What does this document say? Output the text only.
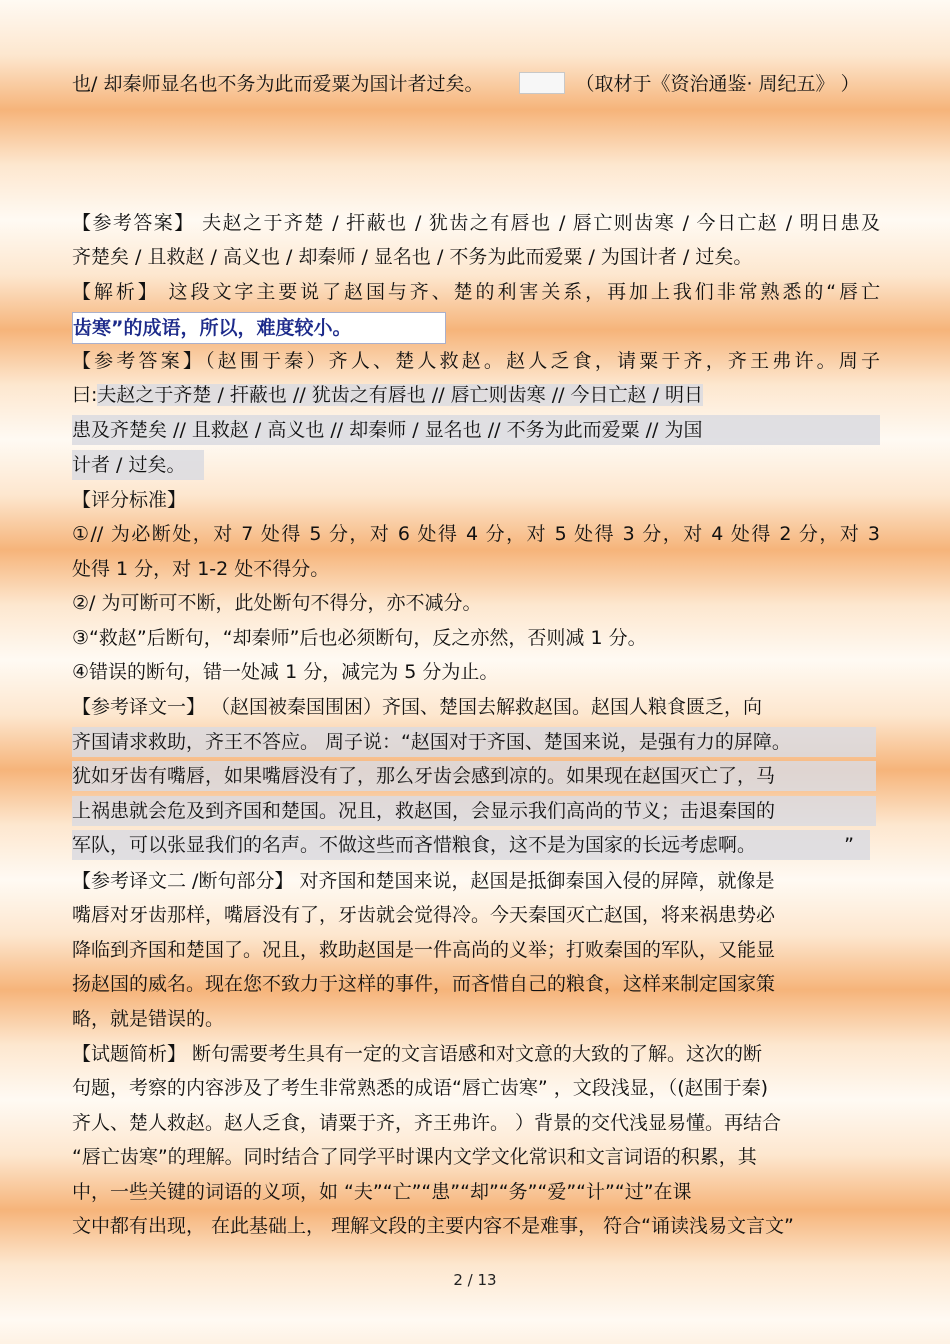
也/ 却秦师显名也不务为此而爱粟为国计者过矣。	（取材于《资治通鉴· 周纪五》 ）
【参考答案】 夫赵之于齐楚 / 扞蔽也 / 犹齿之有唇也 / 唇亡则齿寒 / 今日亡赵 / 明日患及
齐楚矣 / 且救赵 / 高义也 / 却秦师 / 显名也 / 不务为此而爱粟 / 为国计者 / 过矣。
【解析】 这段文字主要说了赵国与齐、楚的利害关系，再加上我们非常熟悉的“唇亡
齿寒”的成语，所以，难度较小。
【参考答案】（赵围于秦）齐人、楚人救赵。赵人乏食，请粟于齐，齐王弗许。周子
曰:夫赵之于齐楚 / 扞蔽也 // 犹齿之有唇也 // 唇亡则齿寒 // 今日亡赵 / 明日
患及齐楚矣 // 且救赵 / 高义也 // 却秦师 / 显名也 // 不务为此而爱粟 // 为国
计者 / 过矣。
【评分标准】
①// 为必断处，对 7 处得 5 分，对 6 处得 4 分，对 5 处得 3 分，对 4 处得 2 分，对 3
处得 1 分，对 1-2 处不得分。
②/ 为可断可不断，此处断句不得分，亦不减分。
③“救赵”后断句，“却秦师”后也必须断句，反之亦然，否则减 1 分。
④错误的断句，错一处减 1 分，减完为 5 分为止。
【参考译文一】 （赵国被秦国围困）齐国、楚国去解救赵国。赵国人粮食匮乏，向
齐国请求救助，齐王不答应。 周子说：“赵国对于齐国、楚国来说，是强有力的屏障。
犹如牙齿有嘴唇，如果嘴唇没有了，那么牙齿会感到凉的。如果现在赵国灭亡了，马
上祸患就会危及到齐国和楚国。况且，救赵国，会显示我们高尚的节义；击退秦国的
军队，可以张显我们的名声。不做这些而吝惜粮食，这不是为国家的长远考虑啊。	”
【参考译文二 /断句部分】 对齐国和楚国来说，赵国是抵御秦国入侵的屏障，就像是
嘴唇对牙齿那样，嘴唇没有了，牙齿就会觉得冷。今天秦国灭亡赵国，将来祸患势必
降临到齐国和楚国了。况且，救助赵国是一件高尚的义举；打败秦国的军队，又能显
扬赵国的威名。现在您不致力于这样的事件，而吝惜自己的粮食，这样来制定国家策
略，就是错误的。
【试题简析】 断句需要考生具有一定的文言语感和对文意的大致的了解。这次的断
句题，考察的内容涉及了考生非常熟悉的成语“唇亡齿寒” ，文段浅显，（(赵围于秦)
齐人、楚人救赵。赵人乏食，请粟于齐，齐王弗许。 ）背景的交代浅显易懂。再结合
“唇亡齿寒”的理解。同时结合了同学平时课内文学文化常识和文言词语的积累，其
中，一些关键的词语的义项，如 “夫”“亡”“患”“却”“务”“爱”“计”“过”在课
文中都有出现， 在此基础上， 理解文段的主要内容不是难事， 符合“诵读浅易文言文”
2 / 13
